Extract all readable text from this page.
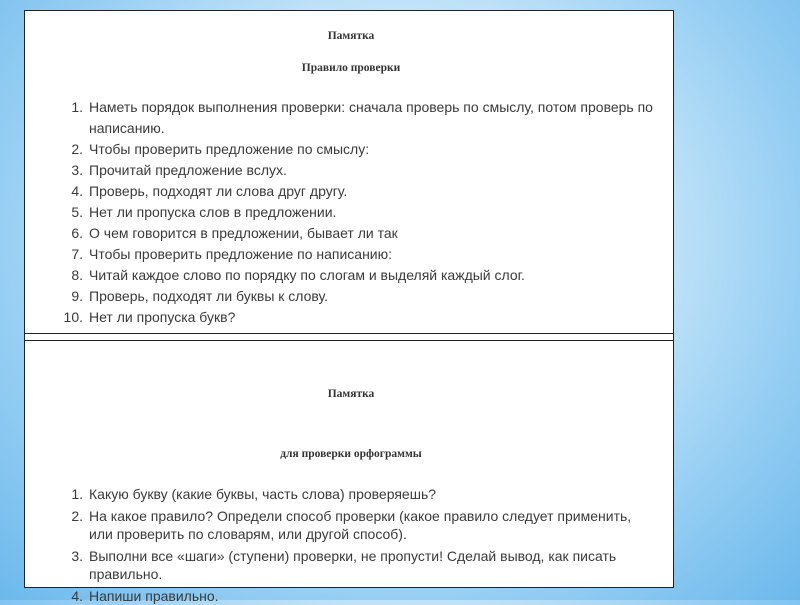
Памятка
Правило проверки
1. Наметь порядок выполнения проверки: сначала проверь по смыслу, потом проверь по написанию.
2. Чтобы проверить предложение по смыслу:
3. Прочитай предложение вслух.
4. Проверь, подходят ли слова друг другу.
5. Нет ли пропуска слов в предложении.
6. О чем говорится в предложении, бывает ли так
7. Чтобы проверить предложение по написанию:
8. Читай каждое слово по порядку по слогам и выделяй каждый слог.
9. Проверь, подходят ли буквы к слову.
10. Нет ли пропуска букв?
Памятка
для проверки орфограммы
1. Какую букву (какие буквы, часть слова) проверяешь?
2. На какое правило? Определи способ проверки (какое правило следует применить, или проверить по словарям, или другой способ).
3. Выполни все «шаги» (ступени) проверки, не пропусти! Сделай вывод, как писать правильно.
4. Напиши правильно.
